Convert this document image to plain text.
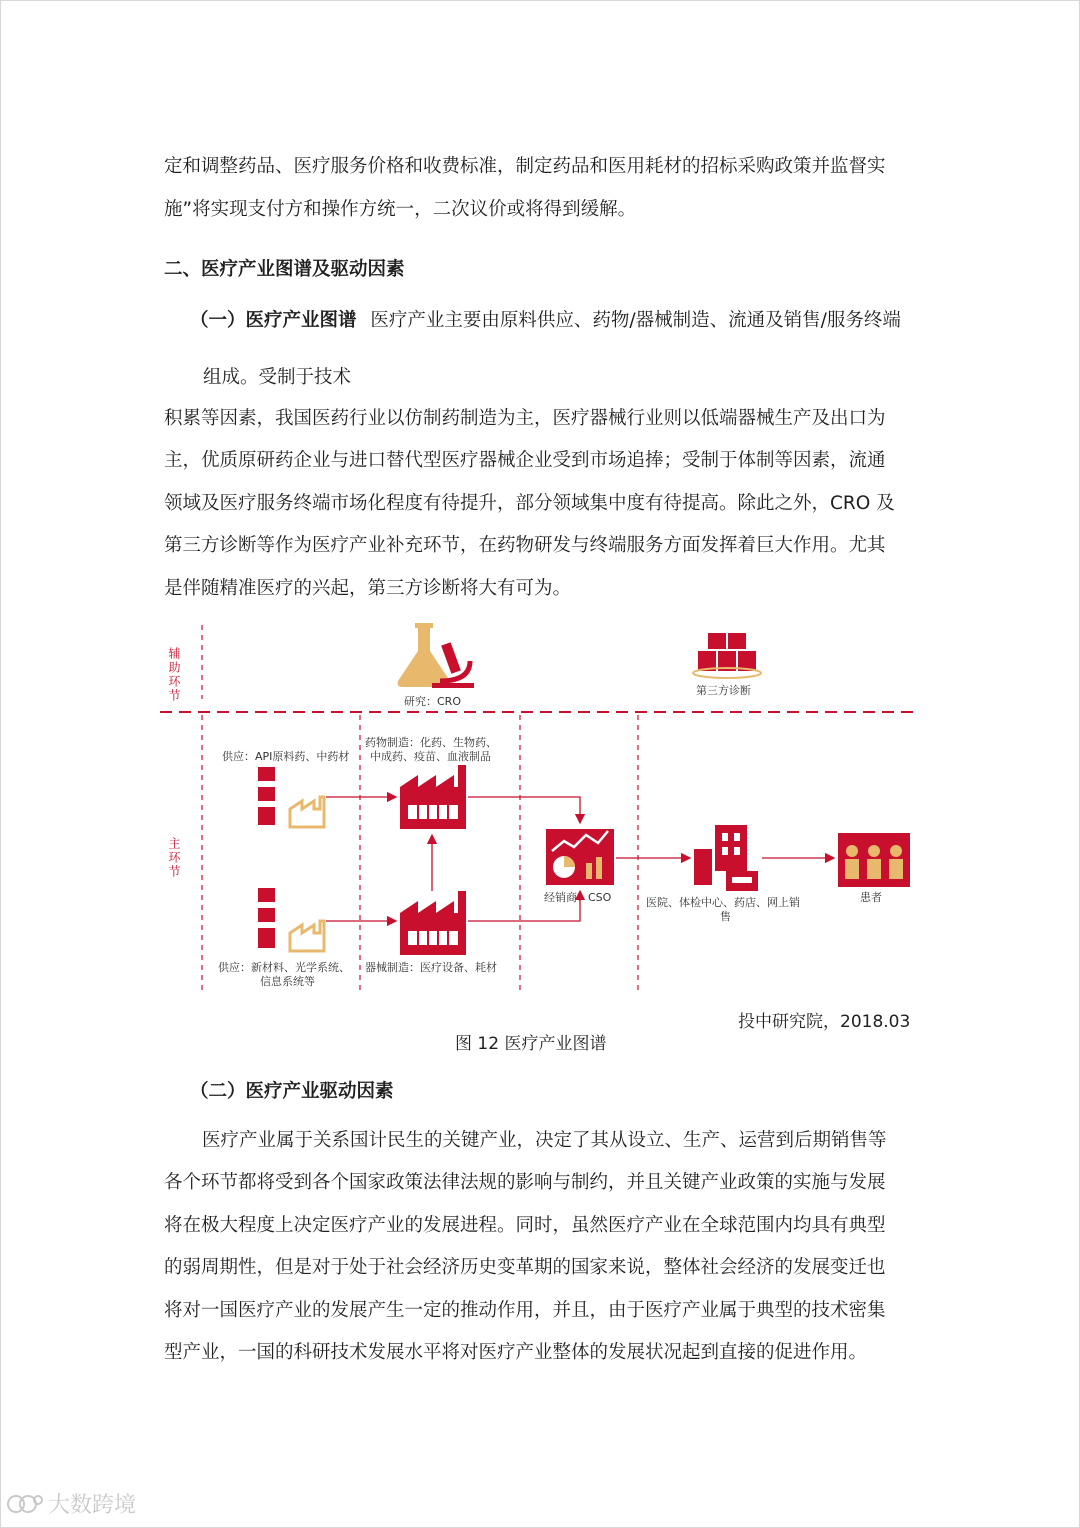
定和调整药品、医疗服务价格和收费标准，制定药品和医用耗材的招标采购政策并监督实
施”将实现支付方和操作方统一，二次议价或将得到缓解。
二、医疗产业图谱及驱动因素
（一）医疗产业图谱 医疗产业主要由原料供应、药物/器械制造、流通及销售/服务终端
组成。受制于技术
积累等因素，我国医药行业以仿制药制造为主，医疗器械行业则以低端器械生产及出口为
主，优质原研药企业与进口替代型医疗器械企业受到市场追捧；受制于体制等因素，流通
领域及医疗服务终端市场化程度有待提升，部分领域集中度有待提高。除此之外，CRO 及
第三方诊断等作为医疗产业补充环节，在药物研发与终端服务方面发挥着巨大作用。尤其
是伴随精准医疗的兴起，第三方诊断将大有可为。
辅助环节
主环节
研究：CRO
第三方诊断
供应：API原料药、中药材
药物制造：化药、生物药、
中成药、疫苗、血液制品
供应：新材料、光学系统、
信息系统等
器械制造：医疗设备、耗材
经销商：CSO	医院、体检中心、药店、网上销
售
患者
投中研究院，2018.03
图 12 医疗产业图谱
（二）医疗产业驱动因素
医疗产业属于关系国计民生的关键产业，决定了其从设立、生产、运营到后期销售等
各个环节都将受到各个国家政策法律法规的影响与制约，并且关键产业政策的实施与发展
将在极大程度上决定医疗产业的发展进程。同时，虽然医疗产业在全球范围内均具有典型
的弱周期性，但是对于处于社会经济历史变革期的国家来说，整体社会经济的发展变迁也
将对一国医疗产业的发展产生一定的推动作用，并且，由于医疗产业属于典型的技术密集
型产业，一国的科研技术发展水平将对医疗产业整体的发展状况起到直接的促进作用。
大数跨境
